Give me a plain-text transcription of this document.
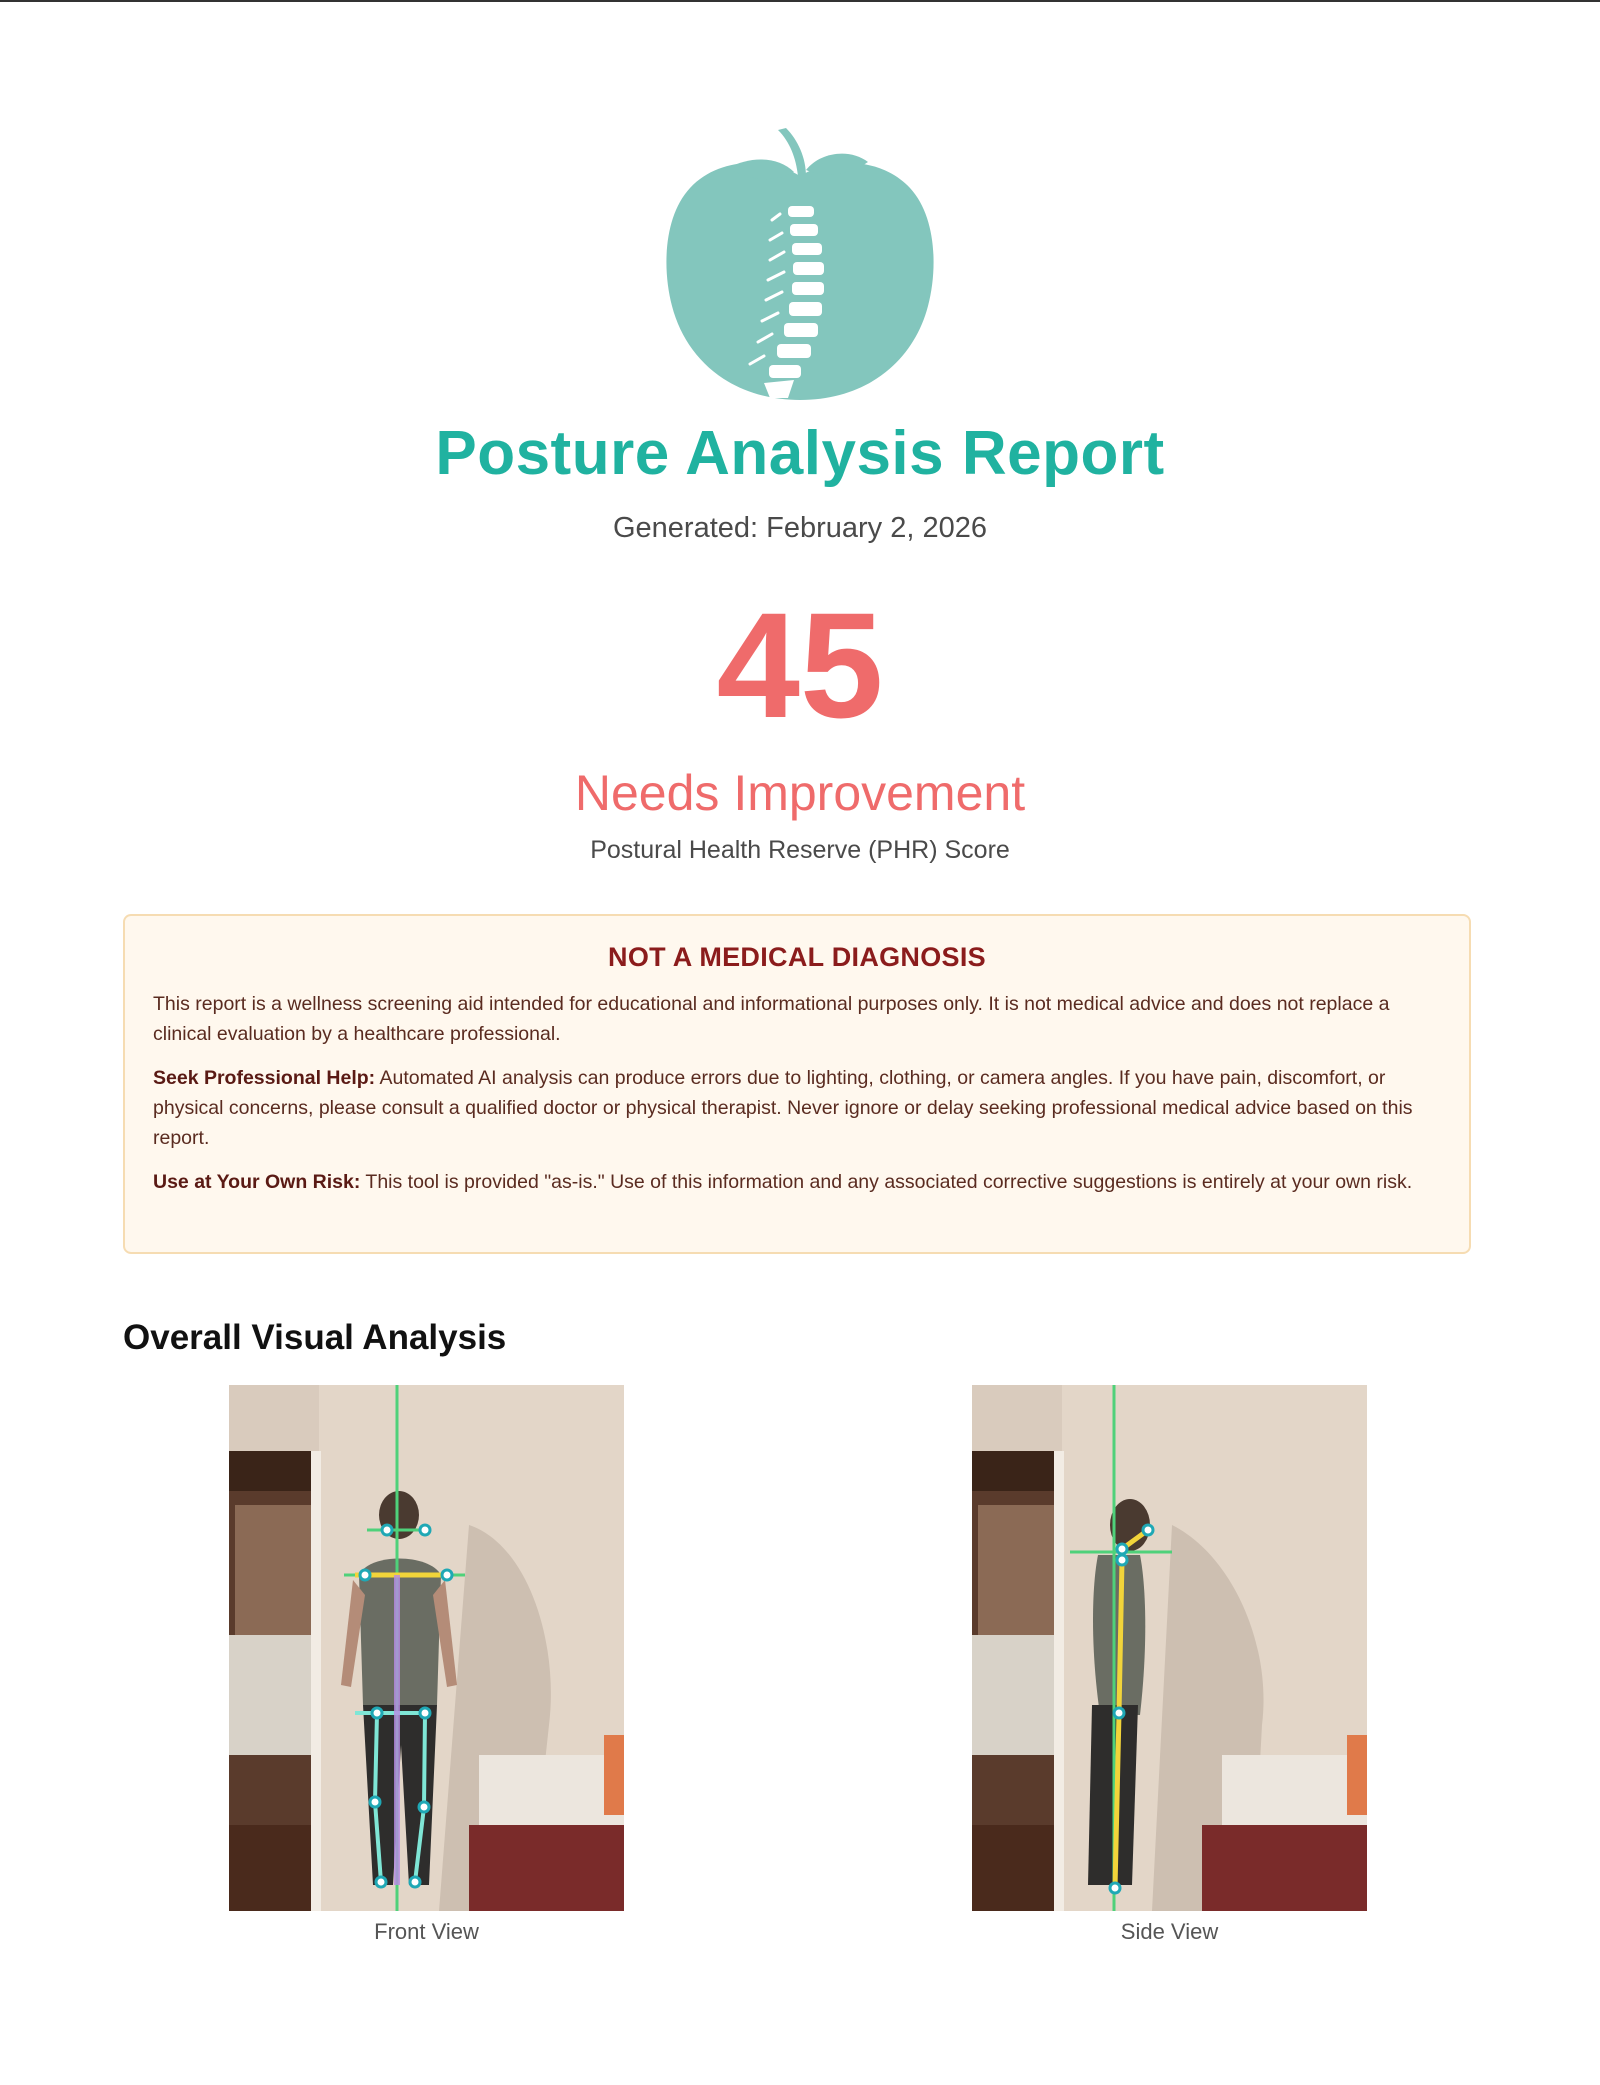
Posture Analysis Report
Generated: February 2, 2026
45
Needs Improvement
Postural Health Reserve (PHR) Score
NOT A MEDICAL DIAGNOSIS

This report is a wellness screening aid intended for educational and informational purposes only. It is not medical advice and does not replace a clinical evaluation by a healthcare professional.

Seek Professional Help: Automated AI analysis can produce errors due to lighting, clothing, or camera angles. If you have pain, discomfort, or physical concerns, please consult a qualified doctor or physical therapist. Never ignore or delay seeking professional medical advice based on this report.

Use at Your Own Risk: This tool is provided "as-is." Use of this information and any associated corrective suggestions is entirely at your own risk.

Overall Visual Analysis
Front View	Side View
